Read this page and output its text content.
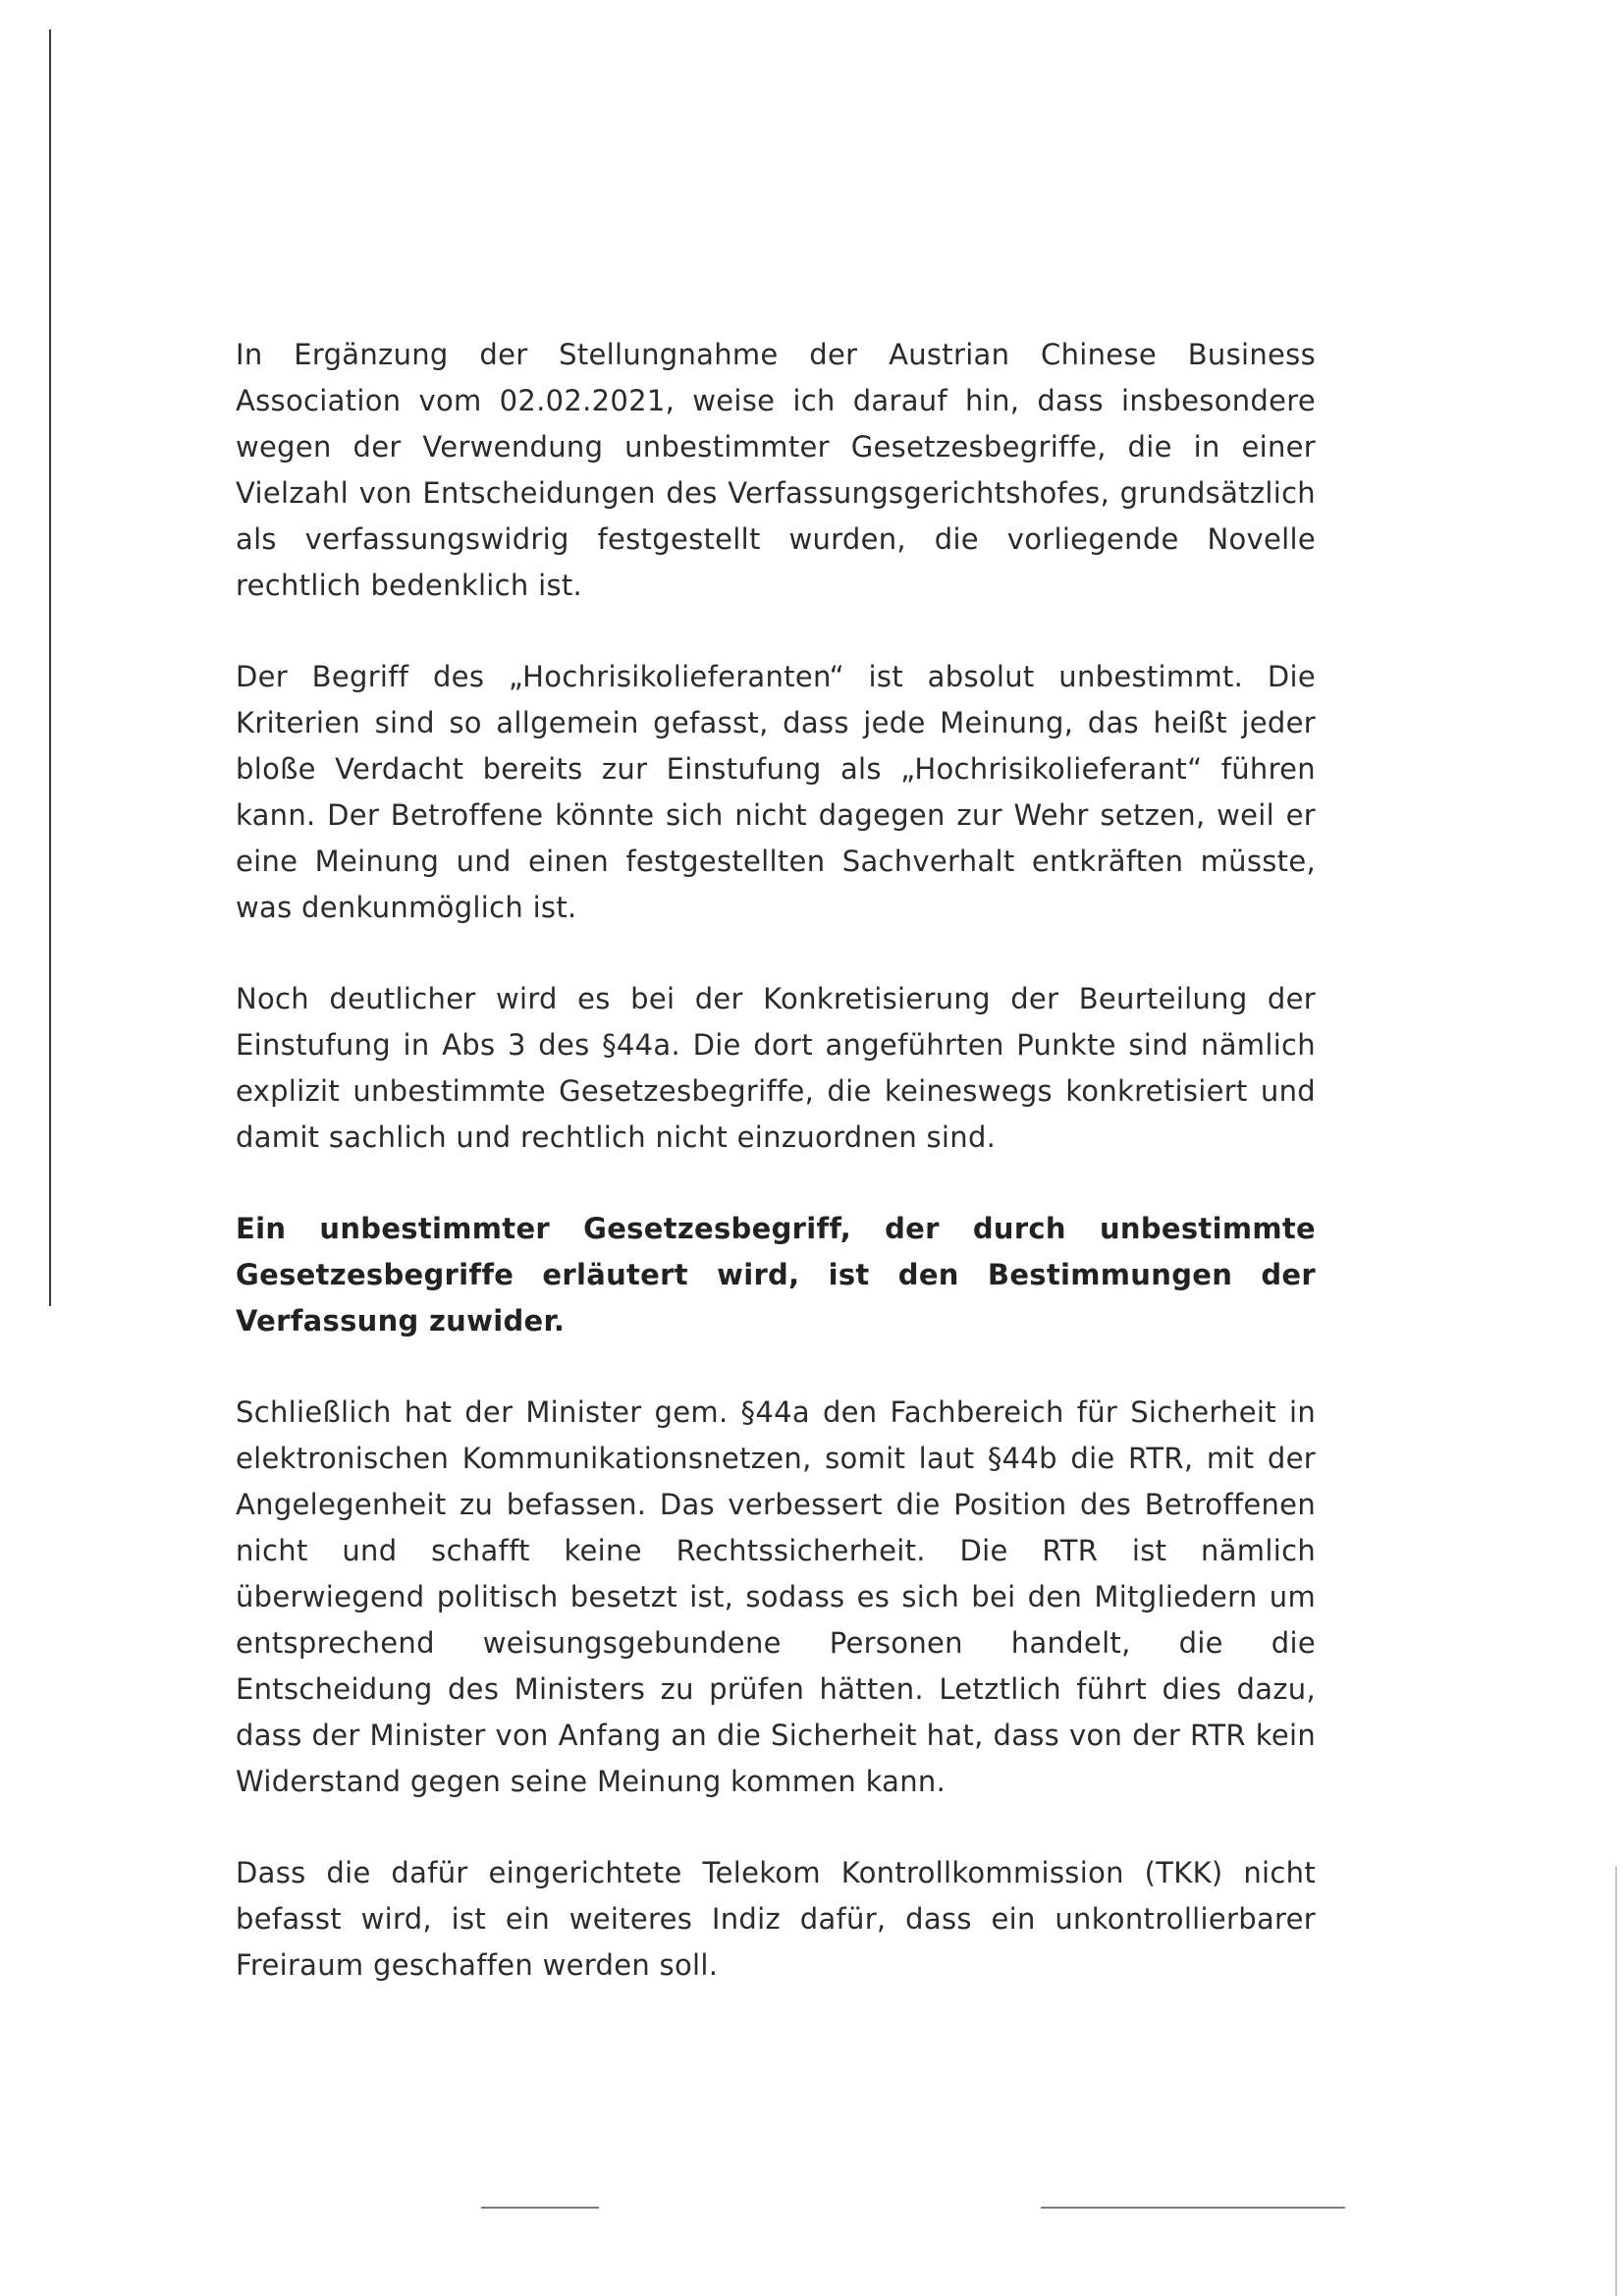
In Ergänzung der Stellungnahme der Austrian Chinese Business Association vom 02.02.2021, weise ich darauf hin, dass insbesondere wegen der Verwendung unbestimmter Gesetzesbegriffe, die in einer Vielzahl von Entscheidungen des Verfassungsgerichtshofes, grundsätzlich als verfassungswidrig festgestellt wurden, die vorliegende Novelle rechtlich bedenklich ist.

Der Begriff des „Hochrisikolieferanten“ ist absolut unbestimmt. Die Kriterien sind so allgemein gefasst, dass jede Meinung, das heißt jeder bloße Verdacht bereits zur Einstufung als „Hochrisikolieferant“ führen kann. Der Betroffene könnte sich nicht dagegen zur Wehr setzen, weil er eine Meinung und einen festgestellten Sachverhalt entkräften müsste, was denkunmöglich ist.

Noch deutlicher wird es bei der Konkretisierung der Beurteilung der Einstufung in Abs 3 des §44a. Die dort angeführten Punkte sind nämlich explizit unbestimmte Gesetzesbegriffe, die keineswegs konkretisiert und damit sachlich und rechtlich nicht einzuordnen sind.

Ein unbestimmter Gesetzesbegriff, der durch unbestimmte Gesetzesbegriffe erläutert wird, ist den Bestimmungen der Verfassung zuwider.

Schließlich hat der Minister gem. §44a den Fachbereich für Sicherheit in elektronischen Kommunikationsnetzen, somit laut §44b die RTR, mit der Angelegenheit zu befassen. Das verbessert die Position des Betroffenen nicht und schafft keine Rechtssicherheit. Die RTR ist nämlich überwiegend politisch besetzt ist, sodass es sich bei den Mitgliedern um entsprechend weisungsgebundene Personen handelt, die die Entscheidung des Ministers zu prüfen hätten. Letztlich führt dies dazu, dass der Minister von Anfang an die Sicherheit hat, dass von der RTR kein Widerstand gegen seine Meinung kommen kann.

Dass die dafür eingerichtete Telekom Kontrollkommission (TKK) nicht befasst wird, ist ein weiteres Indiz dafür, dass ein unkontrollierbarer Freiraum geschaffen werden soll.
